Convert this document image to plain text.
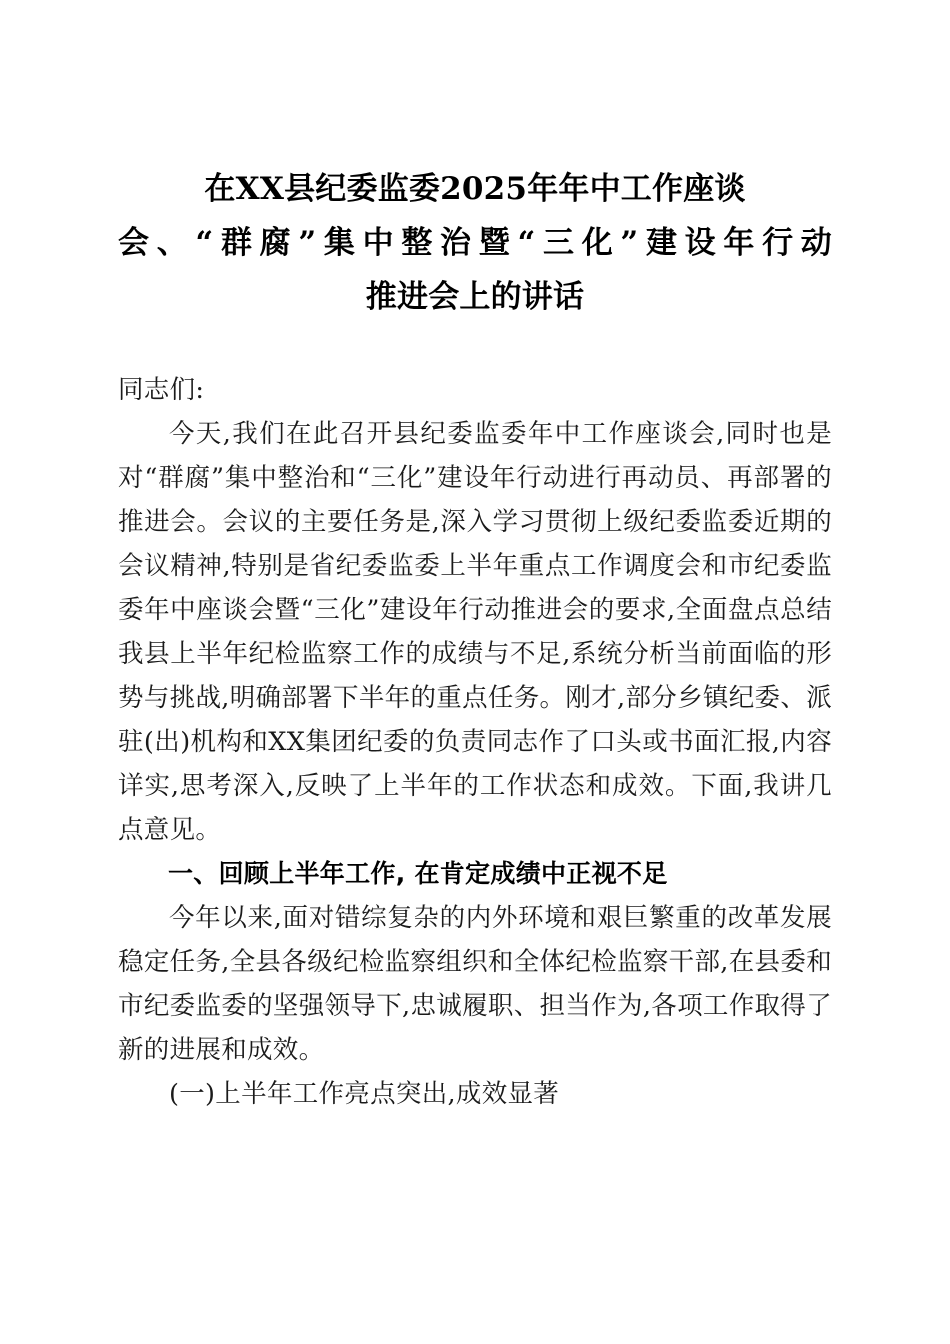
在XX县纪委监委2025年年中工作座谈
会、“群腐”集中整治暨“三化”建设年行动
推进会上的讲话

同志们:

今天,我们在此召开县纪委监委年中工作座谈会,同时也是对“群腐”集中整治和“三化”建设年行动进行再动员、再部署的推进会。会议的主要任务是,深入学习贯彻上级纪委监委近期的会议精神,特别是省纪委监委上半年重点工作调度会和市纪委监委年中座谈会暨“三化”建设年行动推进会的要求,全面盘点总结我县上半年纪检监察工作的成绩与不足,系统分析当前面临的形势与挑战,明确部署下半年的重点任务。刚才,部分乡镇纪委、派驻(出)机构和XX集团纪委的负责同志作了口头或书面汇报,内容详实,思考深入,反映了上半年的工作状态和成效。下面,我讲几点意见。

一、回顾上半年工作, 在肯定成绩中正视不足

今年以来,面对错综复杂的内外环境和艰巨繁重的改革发展稳定任务,全县各级纪检监察组织和全体纪检监察干部,在县委和市纪委监委的坚强领导下,忠诚履职、担当作为,各项工作取得了新的进展和成效。

(一)上半年工作亮点突出,成效显著
